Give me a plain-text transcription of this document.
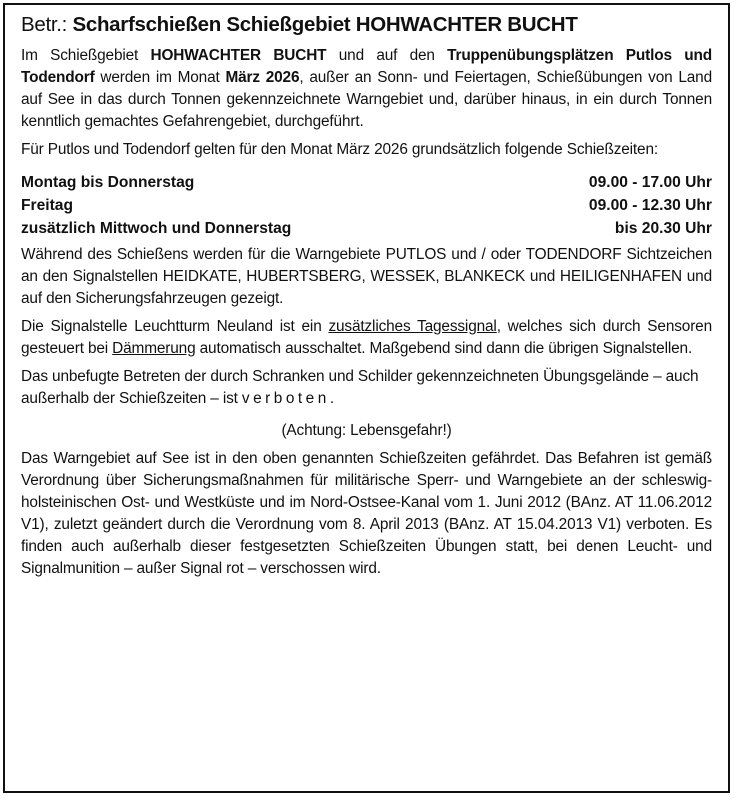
Betr.: Scharfschießen Schießgebiet HOHWACHTER BUCHT

Im Schießgebiet HOHWACHTER BUCHT und auf den Truppenübungsplätzen Putlos und Todendorf werden im Monat März 2026, außer an Sonn- und Feiertagen, Schießübungen von Land auf See in das durch Tonnen gekennzeichnete Warngebiet und, darüber hinaus, in ein durch Tonnen kenntlich gemachtes Gefahrengebiet, durchgeführt.

Für Putlos und Todendorf gelten für den Monat März 2026 grundsätzlich folgende Schießzeiten:

Montag bis Donnerstag	09.00 - 17.00 Uhr
Freitag	09.00 - 12.30 Uhr
zusätzlich Mittwoch und Donnerstag	bis 20.30 Uhr

Während des Schießens werden für die Warngebiete PUTLOS und / oder TODENDORF Sichtzeichen an den Signalstellen HEIDKATE, HUBERTSBERG, WESSEK, BLANKECK und HEILIGENHAFEN und auf den Sicherungsfahrzeugen gezeigt.

Die Signalstelle Leuchtturm Neuland ist ein zusätzliches Tagessignal, welches sich durch Sensoren gesteuert bei Dämmerung automatisch ausschaltet. Maßgebend sind dann die übrigen Signalstellen.

Das unbefugte Betreten der durch Schranken und Schilder gekennzeichneten Übungsgelände – auch außerhalb der Schießzeiten – ist verboten.

(Achtung: Lebensgefahr!)

Das Warngebiet auf See ist in den oben genannten Schießzeiten gefährdet. Das Befahren ist gemäß Verordnung über Sicherungsmaßnahmen für militärische Sperr- und Warngebiete an der schleswig-holsteinischen Ost- und Westküste und im Nord-Ostsee-Kanal vom 1. Juni 2012 (BAnz. AT 11.06.2012 V1), zuletzt geändert durch die Verordnung vom 8. April 2013 (BAnz. AT 15.04.2013 V1) verboten. Es finden auch außerhalb dieser festgesetzten Schießzeiten Übungen statt, bei denen Leucht- und Signalmunition – außer Signal rot – verschossen wird.
